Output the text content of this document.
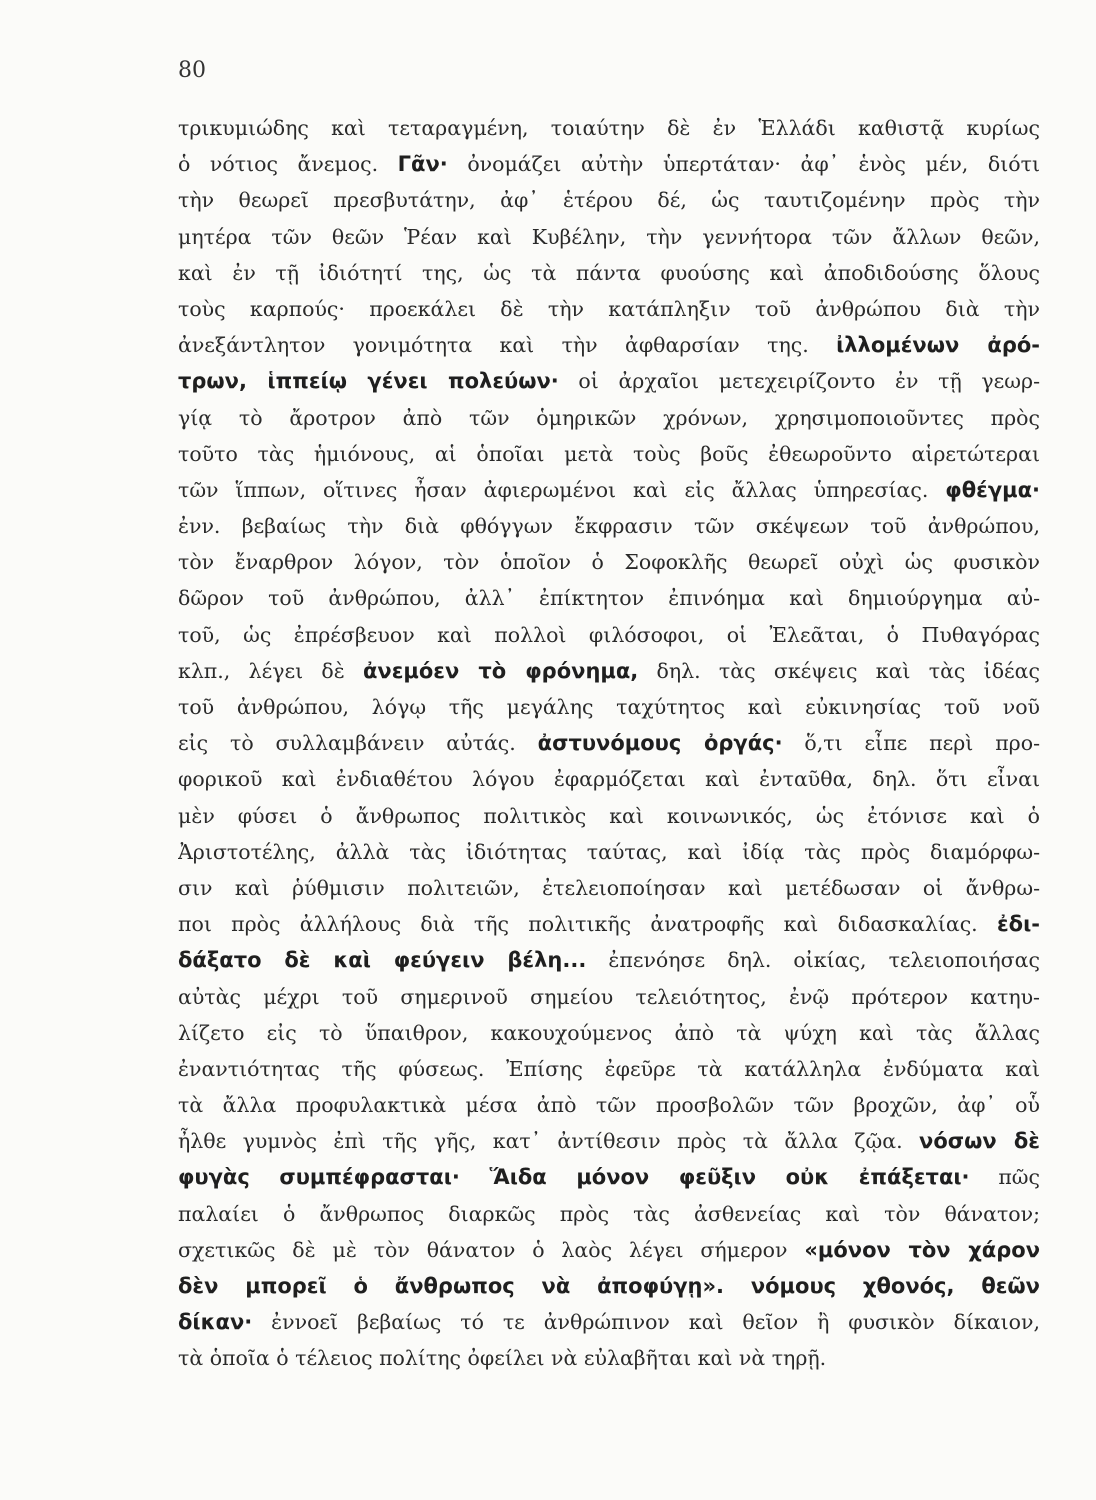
80
τρικυμιώδης καὶ τεταραγμένη, τοιαύτην δὲ ἐν Ἑλλάδι καθιστᾷ κυρίως
ὁ νότιος ἄνεμος. Γᾶν· ὀνομάζει αὐτὴν ὑπερτάταν· ἀφ᾿ ἑνὸς μέν, διότι
τὴν θεωρεῖ πρεσβυτάτην, ἀφ᾿ ἑτέρου δέ, ὡς ταυτιζομένην πρὸς τὴν
μητέρα τῶν θεῶν Ῥέαν καὶ Κυβέλην, τὴν γεννήτορα τῶν ἄλλων θεῶν,
καὶ ἐν τῇ ἰδιότητί της, ὡς τὰ πάντα φυούσης καὶ ἀποδιδούσης ὅλους
τοὺς καρπούς· προεκάλει δὲ τὴν κατάπληξιν τοῦ ἀνθρώπου διὰ τὴν
ἀνεξάντλητον γονιμότητα καὶ τὴν ἀφθαρσίαν της. ἰλλομένων ἀρό-
τρων, ἱππείῳ γένει πολεύων· οἱ ἀρχαῖοι μετεχειρίζοντο ἐν τῇ γεωρ-
γίᾳ τὸ ἄροτρον ἀπὸ τῶν ὁμηρικῶν χρόνων, χρησιμοποιοῦντες πρὸς
τοῦτο τὰς ἡμιόνους, αἱ ὁποῖαι μετὰ τοὺς βοῦς ἐθεωροῦντο αἱρετώτεραι
τῶν ἵππων, οἵτινες ἦσαν ἀφιερωμένοι καὶ εἰς ἄλλας ὑπηρεσίας. φθέγμα·
ἐνν. βεβαίως τὴν διὰ φθόγγων ἔκφρασιν τῶν σκέψεων τοῦ ἀνθρώπου,
τὸν ἔναρθρον λόγον, τὸν ὁποῖον ὁ Σοφοκλῆς θεωρεῖ οὐχὶ ὡς φυσικὸν
δῶρον τοῦ ἀνθρώπου, ἀλλ᾿ ἐπίκτητον ἐπινόημα καὶ δημιούργημα αὐ-
τοῦ, ὡς ἐπρέσβευον καὶ πολλοὶ φιλόσοφοι, οἱ Ἐλεᾶται, ὁ Πυθαγόρας
κλπ., λέγει δὲ ἀνεμόεν τὸ φρόνημα, δηλ. τὰς σκέψεις καὶ τὰς ἰδέας
τοῦ ἀνθρώπου, λόγῳ τῆς μεγάλης ταχύτητος καὶ εὐκινησίας τοῦ νοῦ
εἰς τὸ συλλαμβάνειν αὐτάς. ἀστυνόμους ὀργάς· ὅ,τι εἶπε περὶ προ-
φορικοῦ καὶ ἐνδιαθέτου λόγου ἐφαρμόζεται καὶ ἐνταῦθα, δηλ. ὅτι εἶναι
μὲν φύσει ὁ ἄνθρωπος πολιτικὸς καὶ κοινωνικός, ὡς ἐτόνισε καὶ ὁ
Ἀριστοτέλης, ἀλλὰ τὰς ἰδιότητας ταύτας, καὶ ἰδίᾳ τὰς πρὸς διαμόρφω-
σιν καὶ ῥύθμισιν πολιτειῶν, ἐτελειοποίησαν καὶ μετέδωσαν οἱ ἄνθρω-
ποι πρὸς ἀλλήλους διὰ τῆς πολιτικῆς ἀνατροφῆς καὶ διδασκαλίας. ἐδι-
δάξατο δὲ καὶ φεύγειν βέλη... ἐπενόησε δηλ. οἰκίας, τελειοποιήσας
αὐτὰς μέχρι τοῦ σημερινοῦ σημείου τελειότητος, ἐνῷ πρότερον κατηυ-
λίζετο εἰς τὸ ὕπαιθρον, κακουχούμενος ἀπὸ τὰ ψύχη καὶ τὰς ἄλλας
ἐναντιότητας τῆς φύσεως. Ἐπίσης ἐφεῦρε τὰ κατάλληλα ἐνδύματα καὶ
τὰ ἄλλα προφυλακτικὰ μέσα ἀπὸ τῶν προσβολῶν τῶν βροχῶν, ἀφ᾿ οὗ
ἦλθε γυμνὸς ἐπὶ τῆς γῆς, κατ᾿ ἀντίθεσιν πρὸς τὰ ἄλλα ζῷα. νόσων δὲ
φυγὰς συμπέφρασται· Ἅιδα μόνον φεῦξιν οὐκ ἐπάξεται· πῶς
παλαίει ὁ ἄνθρωπος διαρκῶς πρὸς τὰς ἀσθενείας καὶ τὸν θάνατον;
σχετικῶς δὲ μὲ τὸν θάνατον ὁ λαὸς λέγει σήμερον «μόνον τὸν χάρον
δὲν μπορεῖ ὁ ἄνθρωπος νὰ ἀποφύγῃ». νόμους χθονός, θεῶν
δίκαν· ἐννοεῖ βεβαίως τό τε ἀνθρώπινον καὶ θεῖον ἢ φυσικὸν δίκαιον,
τὰ ὁποῖα ὁ τέλειος πολίτης ὀφείλει νὰ εὐλαβῆται καὶ νὰ τηρῇ.
